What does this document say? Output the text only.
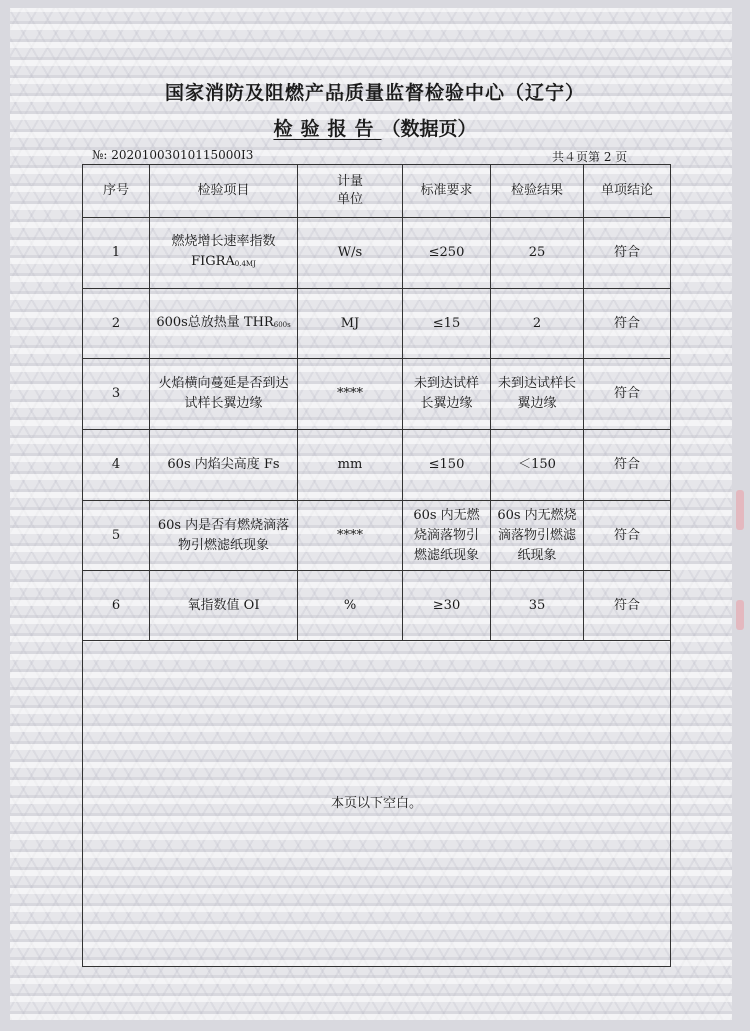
国家消防及阻燃产品质量监督检验中心（辽宁）
检验报告（数据页）
№: 20201003010115000I3	共４页第 2 页
序号	检验项目	计量单位	标准要求	检验结果	单项结论
1	燃烧增长速率指数 FIGRA0.4MJ	W/s	≤250	25	符合
2	600s总放热量 THR600s	MJ	≤15	2	符合
3	火焰横向蔓延是否到达试样长翼边缘	****	未到达试样长翼边缘	未到达试样长翼边缘	符合
4	60s 内焰尖高度 Fs	mm	≤150	＜150	符合
5	60s 内是否有燃烧滴落物引燃滤纸现象	****	60s 内无燃烧滴落物引燃滤纸现象	60s 内无燃烧滴落物引燃滤纸现象	符合
6	氧指数值 OI	%	≥30	35	符合
本页以下空白。					
